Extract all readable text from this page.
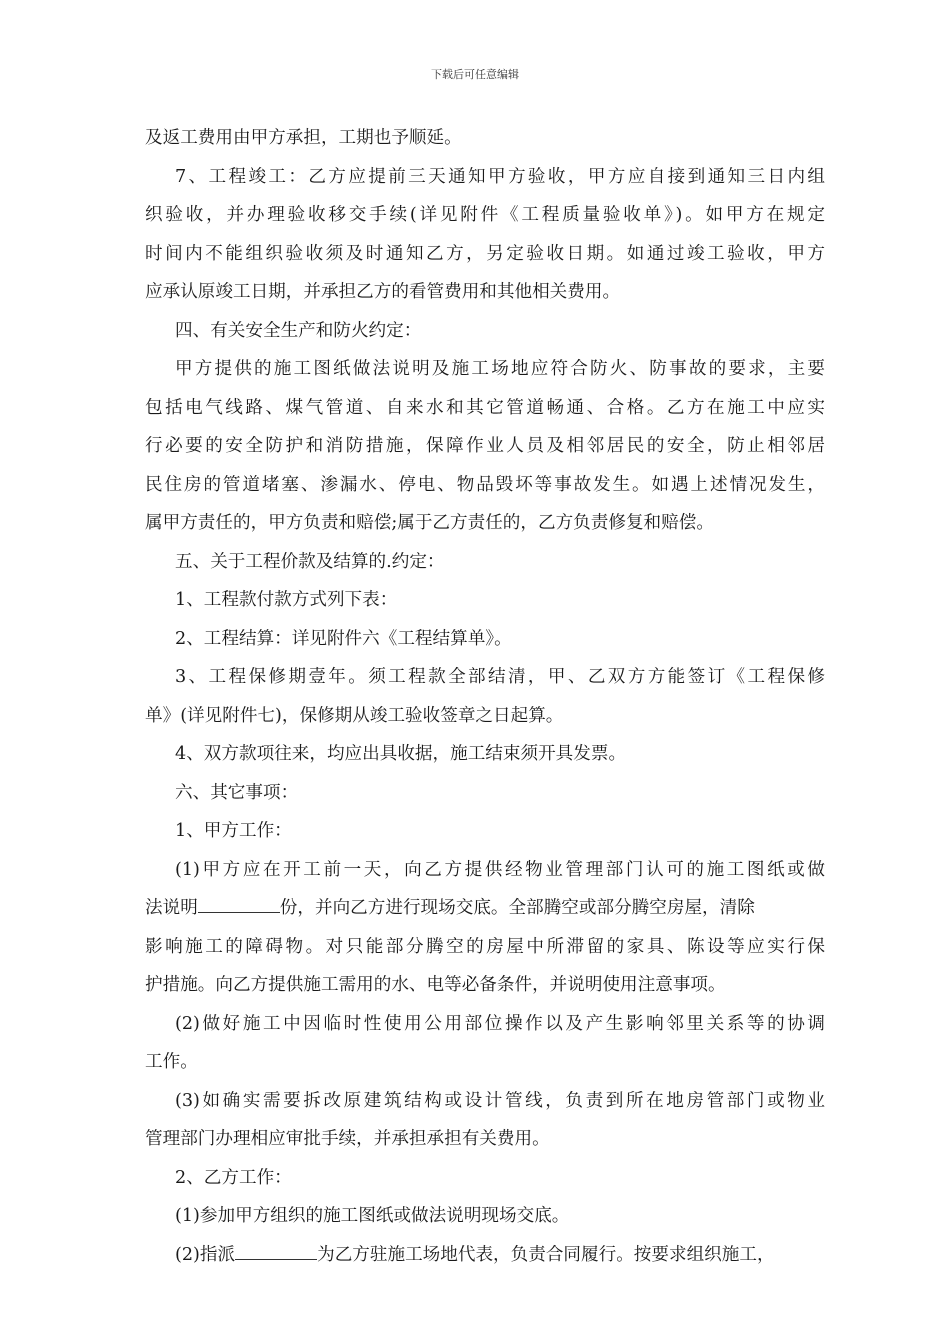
下载后可任意编辑
及返工费用由甲方承担，工期也予顺延。
7、工程竣工：乙方应提前三天通知甲方验收，甲方应自接到通知三日内组
织验收，并办理验收移交手续(详见附件《工程质量验收单》)。如甲方在规定
时间内不能组织验收须及时通知乙方，另定验收日期。如通过竣工验收，甲方
应承认原竣工日期，并承担乙方的看管费用和其他相关费用。
四、有关安全生产和防火约定：
甲方提供的施工图纸做法说明及施工场地应符合防火、防事故的要求，主要
包括电气线路、煤气管道、自来水和其它管道畅通、合格。乙方在施工中应实
行必要的安全防护和消防措施，保障作业人员及相邻居民的安全，防止相邻居
民住房的管道堵塞、渗漏水、停电、物品毁坏等事故发生。如遇上述情况发生，
属甲方责任的，甲方负责和赔偿;属于乙方责任的，乙方负责修复和赔偿。
五、关于工程价款及结算的.约定：
1、工程款付款方式列下表：
2、工程结算：详见附件六《工程结算单》。
3、工程保修期壹年。须工程款全部结清，甲、乙双方方能签订《工程保修
单》(详见附件七)，保修期从竣工验收签章之日起算。
4、双方款项往来，均应出具收据，施工结束须开具发票。
六、其它事项：
1、甲方工作：
(1)甲方应在开工前一天，向乙方提供经物业管理部门认可的施工图纸或做
法说明	份，并向乙方进行现场交底。全部腾空或部分腾空房屋，清除
影响施工的障碍物。对只能部分腾空的房屋中所滞留的家具、陈设等应实行保
护措施。向乙方提供施工需用的水、电等必备条件，并说明使用注意事项。
(2)做好施工中因临时性使用公用部位操作以及产生影响邻里关系等的协调
工作。
(3)如确实需要拆改原建筑结构或设计管线，负责到所在地房管部门或物业
管理部门办理相应审批手续，并承担承担有关费用。
2、乙方工作：
(1)参加甲方组织的施工图纸或做法说明现场交底。
(2)指派	为乙方驻施工场地代表，负责合同履行。按要求组织施工，
